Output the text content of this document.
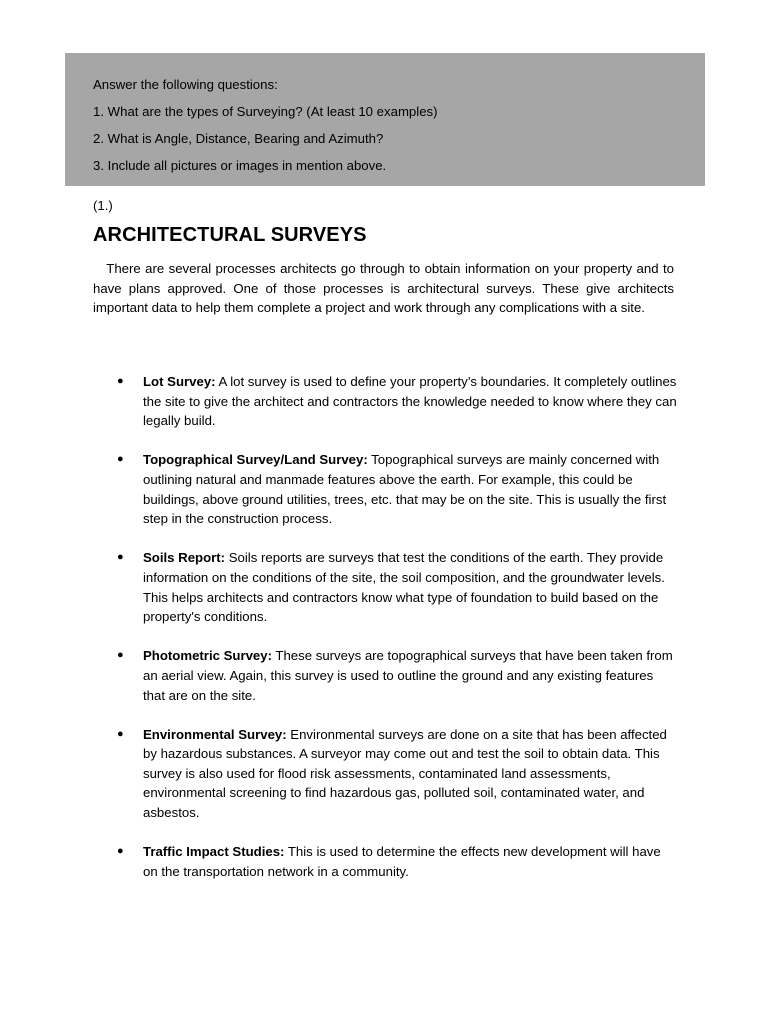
Answer the following questions:
1. What are the types of Surveying? (At least 10 examples)
2. What is Angle, Distance, Bearing and Azimuth?
3. Include all pictures or images in mention above.
(1.)
ARCHITECTURAL SURVEYS

There are several processes architects go through to obtain information on your property and to have plans approved. One of those processes is architectural surveys. These give architects important data to help them complete a project and work through any complications with a site.

● Lot Survey: A lot survey is used to define your property’s boundaries. It completely outlines the site to give the architect and contractors the knowledge needed to know where they can legally build.
● Topographical Survey/Land Survey: Topographical surveys are mainly concerned with outlining natural and manmade features above the earth. For example, this could be buildings, above ground utilities, trees, etc. that may be on the site. This is usually the first step in the construction process.
● Soils Report: Soils reports are surveys that test the conditions of the earth. They provide information on the conditions of the site, the soil composition, and the groundwater levels. This helps architects and contractors know what type of foundation to build based on the property's conditions.
● Photometric Survey: These surveys are topographical surveys that have been taken from an aerial view. Again, this survey is used to outline the ground and any existing features that are on the site.
● Environmental Survey: Environmental surveys are done on a site that has been affected by hazardous substances. A surveyor may come out and test the soil to obtain data. This survey is also used for flood risk assessments, contaminated land assessments, environmental screening to find hazardous gas, polluted soil, contaminated water, and asbestos.
● Traffic Impact Studies: This is used to determine the effects new development will have on the transportation network in a community.
